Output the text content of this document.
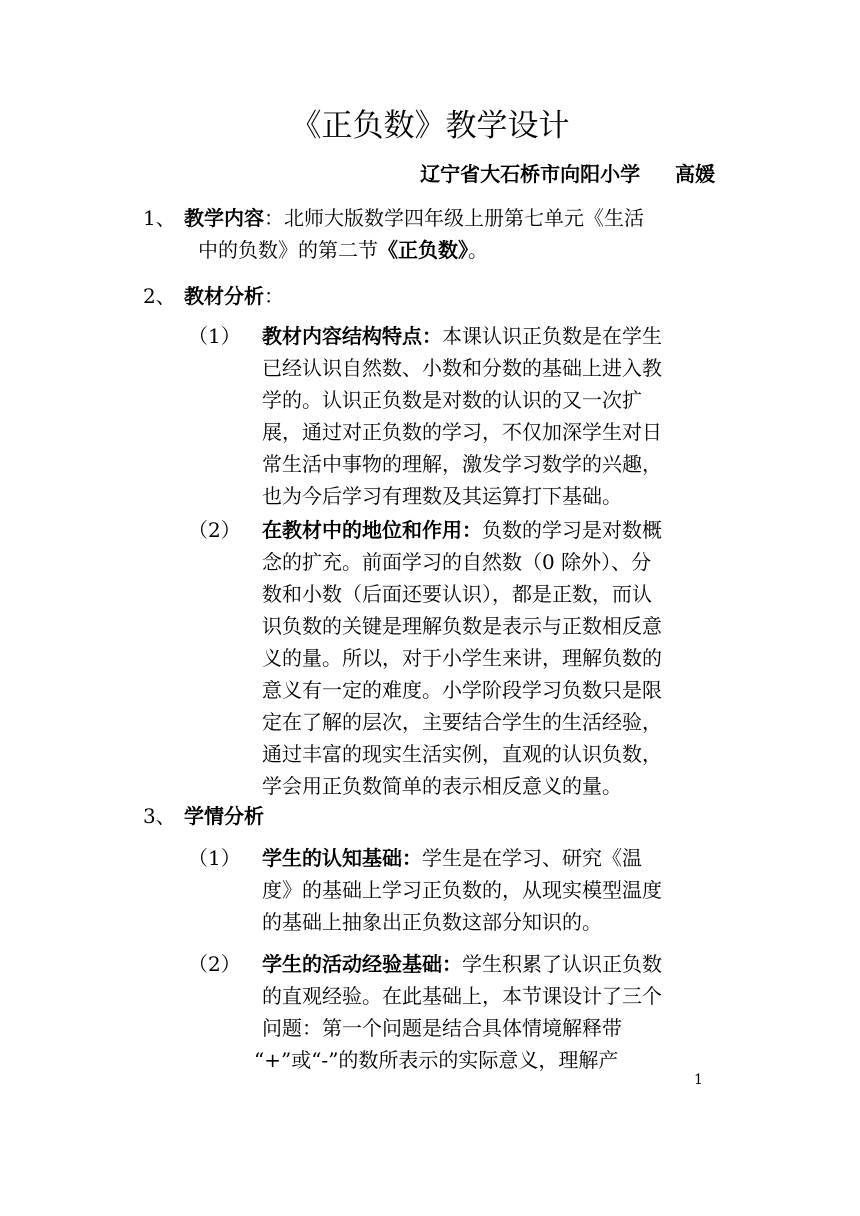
《正负数》教学设计
辽宁省大石桥市向阳小学     高媛
1、 教学内容：北师大版数学四年级上册第七单元《生活
中的负数》的第二节《正负数》。
2、 教材分析：
（1） 教材内容结构特点：本课认识正负数是在学生
已经认识自然数、小数和分数的基础上进入教
学的。认识正负数是对数的认识的又一次扩
展，通过对正负数的学习，不仅加深学生对日
常生活中事物的理解，激发学习数学的兴趣，
也为今后学习有理数及其运算打下基础。
（2） 在教材中的地位和作用：负数的学习是对数概
念的扩充。前面学习的自然数（0 除外）、分
数和小数（后面还要认识），都是正数，而认
识负数的关键是理解负数是表示与正数相反意
义的量。所以，对于小学生来讲，理解负数的
意义有一定的难度。小学阶段学习负数只是限
定在了解的层次，主要结合学生的生活经验，
通过丰富的现实生活实例，直观的认识负数，
学会用正负数简单的表示相反意义的量。
3、 学情分析
（1） 学生的认知基础：学生是在学习、研究《温
度》的基础上学习正负数的，从现实模型温度
的基础上抽象出正负数这部分知识的。
（2） 学生的活动经验基础：学生积累了认识正负数
的直观经验。在此基础上，本节课设计了三个
问题：第一个问题是结合具体情境解释带
“+”或“-”的数所表示的实际意义，理解产
1
